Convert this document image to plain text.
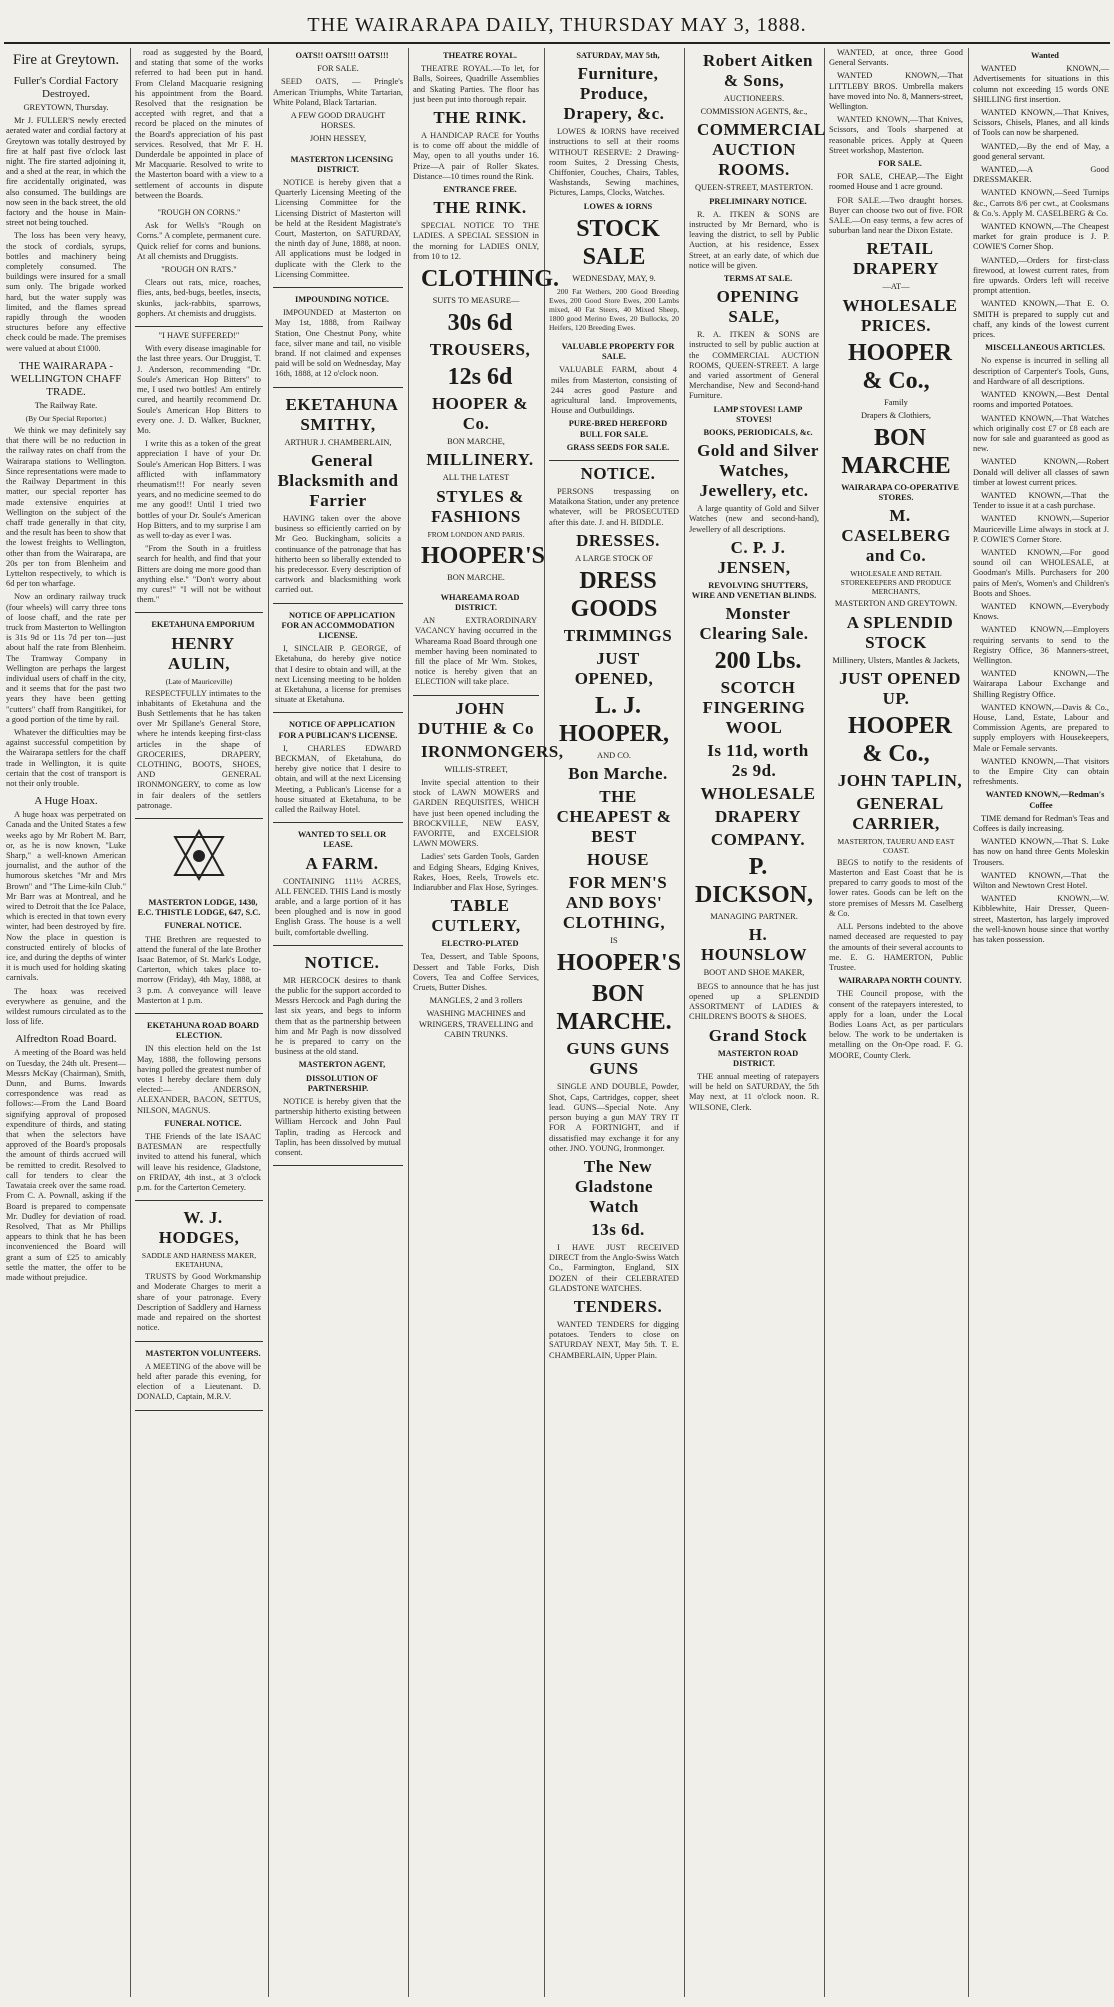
THE WAIRARAPA DAILY, THURSDAY MAY 3, 1888.
Fire at Greytown.
Fuller's Cordial Factory Destroyed.

GREYTOWN, Thursday.

Mr J. FULLER'S newly erected aerated water and cordial factory at Greytown was totally destroyed by fire at half past five o'clock last night. The fire started adjoining it, and a shed at the rear, in which the fire accidentally originated, was also consumed. The buildings are now seen in the back street, the old factory and the house in Main-street not being touched.

The loss has been very heavy, the stock of cordials, syrups, bottles and machinery being completely consumed. The buildings were insured for a small sum only. The brigade worked hard, but the water supply was limited, and the flames spread rapidly through the wooden structures before any effective check could be made. The premises were valued at about £1000.

THE WAIRARAPA - WELLINGTON CHAFF TRADE.

The Railway Rate.

(By Our Special Reporter.)

We think we may definitely say that there will be no reduction in the railway rates on chaff from the Wairarapa stations to Wellington. Since representations were made to the Railway Department in this matter, our special reporter has made extensive enquiries at Wellington on the subject of the chaff trade generally in that city, and the result has been to show that the lowest freights to Wellington, other than from the Wairarapa, are 20s per ton from Blenheim and Lyttelton respectively, to which is 6d per ton wharfage.

Now an ordinary railway truck (four wheels) will carry three tons of loose chaff, and the rate per truck from Masterton to Wellington is 31s 9d or 11s 7d per ton—just about half the rate from Blenheim. The Tramway Company in Wellington are perhaps the largest individual users of chaff in the city, and it seems that for the past two years they have been getting "cutters" chaff from Rangitikei, for a good portion of the time by rail.

Whatever the difficulties may be against successful competition by the Wairarapa settlers for the chaff trade in Wellington, it is quite certain that the cost of transport is not their only trouble.

A Huge Hoax.

A huge hoax was perpetrated on Canada and the United States a few weeks ago by Mr Robert M. Barr, or, as he is now known, "Luke Sharp," a well-known American journalist, and the author of the humorous sketches "Mr and Mrs Brown" and "The Lime-kiln Club." Mr Barr was at Montreal, and he wired to Detroit that the Ice Palace, which is erected in that town every winter, had been destroyed by fire. Now the place in question is constructed entirely of blocks of ice, and during the depths of winter it is much used for holding skating carnivals.

The hoax was received everywhere as genuine, and the wildest rumours circulated as to the loss of life.

Alfredton Road Board.

A meeting of the Board was held on Tuesday, the 24th ult. Present—Messrs McKay (Chairman), Smith, Dunn, and Burns. Inwards correspondence was read as follows:—From the Land Board signifying approval of proposed expenditure of thirds, and stating that when the selectors have approved of the Board's proposals the amount of thirds accrued will be remitted to credit. Resolved to call for tenders to clear the Tawataia creek over the same road. From C. A. Pownall, asking if the Board is prepared to compensate Mr. Dudley for deviation of road. Resolved, That as Mr Phillips appears to think that he has been inconvenienced the Board will grant a sum of £25 to amicably settle the matter, the offer to be made without prejudice.

road as suggested by the Board, and stating that some of the works referred to had been put in hand. From Cleland Macquarie resigning his appointment from the Board. Resolved that the resignation be accepted with regret, and that a record be placed on the minutes of the Board's appreciation of his past services. Resolved, that Mr F. H. Dunderdale be appointed in place of Mr Macquarie. Resolved to write to the Masterton board with a view to a settlement of accounts in dispute between the Boards.

"ROUGH ON CORNS."

Ask for Wells's "Rough on Corns." A complete, permanent cure. Quick relief for corns and bunions. At all chemists and Druggists.

"ROUGH ON RATS."

Clears out rats, mice, roaches, flies, ants, bed-bugs, beetles, insects, skunks, jack-rabbits, sparrows, gophers. At chemists and druggists.

"I HAVE SUFFERED!"

With every disease imaginable for the last three years. Our Druggist, T. J. Anderson, recommending "Dr. Soule's American Hop Bitters" to me, I used two bottles! Am entirely cured, and heartily recommend Dr. Soule's American Hop Bitters to every one. J. D. Walker, Buckner, Mo.

I write this as a token of the great appreciation I have of your Dr. Soule's American Hop Bitters. I was afflicted with inflammatory rheumatism!!! For nearly seven years, and no medicine seemed to do me any good!! Until I tried two bottles of your Dr. Soule's American Hop Bitters, and to my surprise I am as well to-day as ever I was.

"From the South in a fruitless search for health, and find that your Bitters are doing me more good than anything else." "Don't worry about my cures!" "I will not be without them."

EKETAHUNA EMPORIUM

HENRY AULIN,

(Late of Mauriceville)

RESPECTFULLY intimates to the inhabitants of Eketahuna and the Bush Settlements that he has taken over Mr Spillane's General Store, where he intends keeping first-class articles in the shape of GROCERIES, DRAPERY, CLOTHING, BOOTS, SHOES, AND GENERAL IRONMONGERY, to come as low in fair dealers of the settlers patronage.

MASTERTON LODGE, 1430, E.C. THISTLE LODGE, 647, S.C.

FUNERAL NOTICE.

THE Brethren are requested to attend the funeral of the late Brother Isaac Batemor, of St. Mark's Lodge, Carterton, which takes place to-morrow (Friday), 4th May, 1888, at 3 p.m. A conveyance will leave Masterton at 1 p.m.

EKETAHUNA ROAD BOARD ELECTION.

IN this election held on the 1st May, 1888, the following persons having polled the greatest number of votes I hereby declare them duly elected:— ANDERSON, ALEXANDER, BACON, SETTUS, NILSON, MAGNUS.

FUNERAL NOTICE.

THE Friends of the late ISAAC BATESMAN are respectfully invited to attend his funeral, which will leave his residence, Gladstone, on FRIDAY, 4th inst., at 3 o'clock p.m. for the Carterton Cemetery.

W. J. HODGES,

SADDLE AND HARNESS MAKER, EKETAHUNA,

TRUSTS by Good Workmanship and Moderate Charges to merit a share of your patronage. Every Description of Saddlery and Harness made and repaired on the shortest notice.

MASTERTON VOLUNTEERS.

A MEETING of the above will be held after parade this evening, for election of a Lieutenant. D. DONALD, Captain, M.R.V.

OATS!! OATS!!! OATS!!!

FOR SALE.

SEED OATS, — Pringle's American Triumphs, White Tartarian, White Poland, Black Tartarian.

A FEW GOOD DRAUGHT HORSES.

JOHN HESSEY,

MASTERTON LICENSING DISTRICT.

NOTICE is hereby given that a Quarterly Licensing Meeting of the Licensing Committee for the Licensing District of Masterton will be held at the Resident Magistrate's Court, Masterton, on SATURDAY, the ninth day of June, 1888, at noon. All applications must be lodged in duplicate with the Clerk to the Licensing Committee.

IMPOUNDING NOTICE.

IMPOUNDED at Masterton on May 1st, 1888, from Railway Station, One Chestnut Pony, white face, silver mane and tail, no visible brand. If not claimed and expenses paid will be sold on Wednesday, May 16th, 1888, at 12 o'clock noon.

EKETAHUNA SMITHY,

ARTHUR J. CHAMBERLAIN,

General Blacksmith and Farrier

HAVING taken over the above business so efficiently carried on by Mr Geo. Buckingham, solicits a continuance of the patronage that has hitherto been so liberally extended to his predecessor. Every description of cartwork and blacksmithing work carried out.

NOTICE OF APPLICATION FOR AN ACCOMMODATION LICENSE.

I, SINCLAIR P. GEORGE, of Eketahuna, do hereby give notice that I desire to obtain and will, at the next Licensing meeting to be holden at Eketahuna, a license for premises situate at Eketahuna.

NOTICE OF APPLICATION FOR A PUBLICAN'S LICENSE.

I, CHARLES EDWARD BECKMAN, of Eketahuna, do hereby give notice that I desire to obtain, and will at the next Licensing Meeting, a Publican's License for a house situated at Eketahuna, to be called the Railway Hotel.

WANTED TO SELL OR LEASE.

A FARM.

CONTAINING 111½ ACRES, ALL FENCED. THIS Land is mostly arable, and a large portion of it has been ploughed and is now in good English Grass. The house is a well built, comfortable dwelling.

NOTICE.

MR HERCOCK desires to thank the public for the support accorded to Messrs Hercock and Pagh during the last six years, and begs to inform them that as the partnership between him and Mr Pagh is now dissolved he is prepared to carry on the business at the old stand.

MASTERTON AGENT,

DISSOLUTION OF PARTNERSHIP.

NOTICE is hereby given that the partnership hitherto existing between William Hercock and John Paul Taplin, trading as Hercock and Taplin, has been dissolved by mutual consent.

THEATRE ROYAL.

THEATRE ROYAL.—To let, for Balls, Soirees, Quadrille Assemblies and Skating Parties. The floor has just been put into thorough repair.

THE RINK.

A HANDICAP RACE for Youths is to come off about the middle of May, open to all youths under 16. Prize—A pair of Roller Skates. Distance—10 times round the Rink.

ENTRANCE FREE.

THE RINK.

SPECIAL NOTICE TO THE LADIES. A SPECIAL SESSION in the morning for LADIES ONLY, from 10 to 12.

CLOTHING.

SUITS TO MEASURE—

30s 6d

TROUSERS,

12s 6d

HOOPER & Co.

BON MARCHE,

MILLINERY.

ALL THE LATEST

STYLES & FASHIONS

FROM LONDON AND PARIS.

HOOPER'S

BON MARCHE.

WHAREAMA ROAD DISTRICT.

AN EXTRAORDINARY VACANCY having occurred in the Whareama Road Board through one member having been nominated to fill the place of Mr Wm. Stokes, notice is hereby given that an ELECTION will take place.

JOHN DUTHIE & Co

IRONMONGERS,

WILLIS-STREET,

Invite special attention to their stock of LAWN MOWERS and GARDEN REQUISITES, WHICH have just been opened including the BROCKVILLE, NEW EASY, FAVORITE, and EXCELSIOR LAWN MOWERS.

Ladies' sets Garden Tools, Garden and Edging Shears, Edging Knives, Rakes, Hoes, Reels, Trowels etc. Indiarubber and Flax Hose, Syringes.

TABLE CUTLERY,

ELECTRO-PLATED

Tea, Dessert, and Table Spoons, Dessert and Table Forks, Dish Covers, Tea and Coffee Services, Cruets, Butter Dishes.

MANGLES, 2 and 3 rollers

WASHING MACHINES and WRINGERS, TRAVELLING and CABIN TRUNKS.

SATURDAY, MAY 5th,

Furniture, Produce, Drapery, &c.

LOWES & IORNS have received instructions to sell at their rooms WITHOUT RESERVE: 2 Drawing-room Suites, 2 Dressing Chests, Chiffonier, Couches, Chairs, Tables, Washstands, Sewing machines, Pictures, Lamps, Clocks, Watches.

LOWES & IORNS

STOCK SALE

WEDNESDAY, MAY, 9.

200 Fat Wethers, 200 Good Breeding Ewes, 200 Good Store Ewes, 200 Lambs mixed, 40 Fat Steers, 40 Mixed Sheep, 1800 good Merino Ewes, 20 Bullocks, 20 Heifers, 120 Breeding Ewes.

VALUABLE PROPERTY FOR SALE.

VALUABLE FARM, about 4 miles from Masterton, consisting of 244 acres good Pasture and agricultural land. Improvements, House and Outbuildings.

PURE-BRED HEREFORD BULL FOR SALE.

GRASS SEEDS FOR SALE.

NOTICE.

PERSONS trespassing on Mataikona Station, under any pretence whatever, will be PROSECUTED after this date. J. and H. BIDDLE.

DRESSES.

A LARGE STOCK OF

DRESS GOODS

TRIMMINGS

JUST OPENED,

L. J. HOOPER,

AND CO.

Bon Marche.

THE CHEAPEST & BEST

HOUSE

FOR MEN'S AND BOYS' CLOTHING,

IS

HOOPER'S

BON MARCHE.

GUNS GUNS GUNS

SINGLE AND DOUBLE, Powder, Shot, Caps, Cartridges, copper, sheet lead. GUNS—Special Note. Any person buying a gun MAY TRY IT FOR A FORTNIGHT, and if dissatisfied may exchange it for any other. JNO. YOUNG, Ironmonger.

The New Gladstone Watch

13s 6d.

I HAVE JUST RECEIVED DIRECT from the Anglo-Swiss Watch Co., Farmington, England, SIX DOZEN of their CELEBRATED GLADSTONE WATCHES.

TENDERS.

WANTED TENDERS for digging potatoes. Tenders to close on SATURDAY NEXT, May 5th. T. E. CHAMBERLAIN, Upper Plain.

Robert Aitken & Sons,

AUCTIONEERS.

COMMISSION AGENTS, &c.,

COMMERCIAL AUCTION ROOMS.

QUEEN-STREET, MASTERTON.

PRELIMINARY NOTICE.

R. A. ITKEN & SONS are instructed by Mr Bernard, who is leaving the district, to sell by Public Auction, at his residence, Essex Street, at an early date, of which due notice will be given.

TERMS AT SALE.

OPENING SALE,

R. A. ITKEN & SONS are instructed to sell by public auction at the COMMERCIAL AUCTION ROOMS, QUEEN-STREET. A large and varied assortment of General Merchandise, New and Second-hand Furniture.

LAMP STOVES! LAMP STOVES!

BOOKS, PERIODICALS, &c.

Gold and Silver Watches, Jewellery, etc.

A large quantity of Gold and Silver Watches (new and second-hand), Jewellery of all descriptions.

C. P. J. JENSEN,

REVOLVING SHUTTERS, WIRE AND VENETIAN BLINDS.

Monster Clearing Sale.

200 Lbs.

SCOTCH FINGERING WOOL

Is 11d, worth 2s 9d.

WHOLESALE

DRAPERY

COMPANY.

P. DICKSON,

MANAGING PARTNER.

H. HOUNSLOW

BOOT AND SHOE MAKER,

BEGS to announce that he has just opened up a SPLENDID ASSORTMENT of LADIES & CHILDREN'S BOOTS & SHOES.

Grand Stock

MASTERTON ROAD DISTRICT.

THE annual meeting of ratepayers will be held on SATURDAY, the 5th May next, at 11 o'clock noon. R. WILSONE, Clerk.

WANTED, at once, three Good General Servants.

WANTED KNOWN,—That LITTLEBY BROS. Umbrella makers have moved into No. 8, Manners-street, Wellington.

WANTED KNOWN,—That Knives, Scissors, and Tools sharpened at reasonable prices. Apply at Queen Street workshop, Masterton.

FOR SALE.

FOR SALE, CHEAP,—The Eight roomed House and 1 acre ground.

FOR SALE.—Two draught horses. Buyer can choose two out of five. FOR SALE.—On easy terms, a few acres of suburban land near the Dixon Estate.

RETAIL DRAPERY

—AT—

WHOLESALE PRICES.

HOOPER & Co.,

Family

Drapers & Clothiers,

BON MARCHE

WAIRARAPA CO-OPERATIVE STORES.

M. CASELBERG and Co.

WHOLESALE AND RETAIL STOREKEEPERS AND PRODUCE MERCHANTS,

MASTERTON AND GREYTOWN.

A SPLENDID STOCK

Millinery, Ulsters, Mantles & Jackets,

JUST OPENED UP.

HOOPER & Co.,

JOHN TAPLIN,

GENERAL CARRIER,

MASTERTON, TAUERU AND EAST COAST.

BEGS to notify to the residents of Masterton and East Coast that he is prepared to carry goods to most of the lower rates. Goods can be left on the store premises of Messrs M. Caselberg & Co.

ALL Persons indebted to the above named deceased are requested to pay the amounts of their several accounts to me. E. G. HAMERTON, Public Trustee.

WAIRARAPA NORTH COUNTY.

THE Council propose, with the consent of the ratepayers interested, to apply for a loan, under the Local Bodies Loans Act, as per particulars below. The work to be undertaken is metalling on the On-Ope road. F. G. MOORE, County Clerk.

Wanted

WANTED KNOWN,—Advertisements for situations in this column not exceeding 15 words ONE SHILLING first insertion.

WANTED KNOWN,—That Knives, Scissors, Chisels, Planes, and all kinds of Tools can now be sharpened.

WANTED,—By the end of May, a good general servant.

WANTED,—A Good DRESSMAKER.

WANTED KNOWN,—Seed Turnips &c., Carrots 8/6 per cwt., at Cooksmans & Co.'s. Apply M. CASELBERG & Co.

WANTED KNOWN,—The Cheapest market for grain produce is J. P. COWIE'S Corner Shop.

WANTED,—Orders for first-class firewood, at lowest current rates, from fire upwards. Orders left will receive prompt attention.

WANTED KNOWN,—That E. O. SMITH is prepared to supply cut and chaff, any kinds of the lowest current prices.

MISCELLANEOUS ARTICLES.

No expense is incurred in selling all description of Carpenter's Tools, Guns, and Hardware of all descriptions.

WANTED KNOWN,—Best Dental rooms and imported Potatoes.

WANTED KNOWN,—That Watches which originally cost £7 or £8 each are now for sale and guaranteed as good as new.

WANTED KNOWN,—Robert Donald will deliver all classes of sawn timber at lowest current prices.

WANTED KNOWN,—That the Tender to issue it at a cash purchase.

WANTED KNOWN,—Superior Mauriceville Lime always in stock at J. P. COWIE'S Corner Store.

WANTED KNOWN,—For good sound oil can WHOLESALE, at Goodman's Mills. Purchasers for 200 pairs of Men's, Women's and Children's Boots and Shoes.

WANTED KNOWN,—Everybody Knows.

WANTED KNOWN,—Employers requiring servants to send to the Registry Office, 36 Manners-street, Wellington.

WANTED KNOWN,—The Wairarapa Labour Exchange and Shilling Registry Office.

WANTED KNOWN,—Davis & Co., House, Land, Estate, Labour and Commission Agents, are prepared to supply employers with Housekeepers, Male or Female servants.

WANTED KNOWN,—That visitors to the Empire City can obtain refreshments.

WANTED KNOWN,—Redman's Coffee

TIME demand for Redman's Teas and Coffees is daily increasing.

WANTED KNOWN,—That S. Luke has now on hand three Gents Moleskin Trousers.

WANTED KNOWN,—That the Wilton and Newtown Crest Hotel.

WANTED KNOWN,—W. Kibblewhite, Hair Dresser, Queen-street, Masterton, has largely improved the well-known house since that worthy has taken possession.
